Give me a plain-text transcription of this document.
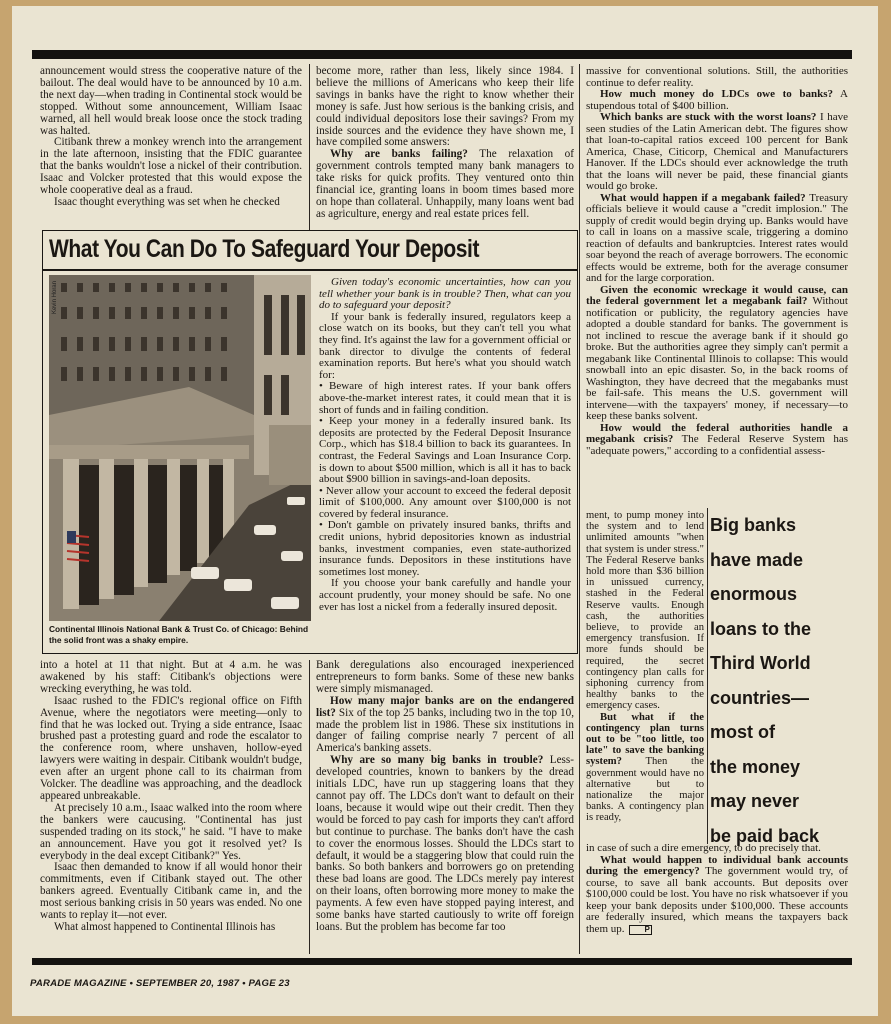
announcement would stress the cooperative nature of the bailout. The deal would have to be announced by 10 a.m. the next day—when trading in Continental stock would be stopped. Without some announcement, William Isaac warned, all hell would break loose once the stock trading was halted.

Citibank threw a monkey wrench into the arrangement in the late afternoon, insisting that the FDIC guarantee that the banks wouldn't lose a nickel of their contribution. Isaac and Volcker protested that this would expose the whole cooperative deal as a fraud.

Isaac thought everything was set when he checked

become more, rather than less, likely since 1984. I believe the millions of Americans who keep their life savings in banks have the right to know whether their money is safe. Just how serious is the banking crisis, and could individual depositors lose their savings? From my inside sources and the evidence they have shown me, I have compiled some answers:

Why are banks failing? The relaxation of government controls tempted many bank managers to take risks for quick profits. They ventured onto thin financial ice, granting loans in boom times based more on hope than collateral. Unhappily, many loans went bad as agriculture, energy and real estate prices fell.

What You Can Do To Safeguard Your Deposit
Kevin Horan
Continental Illinois National Bank & Trust Co. of Chicago: Behind the solid front was a shaky empire.

Given today's economic uncertainties, how can you tell whether your bank is in trouble? Then, what can you do to safeguard your deposit?

If your bank is federally insured, regulators keep a close watch on its books, but they can't tell you what they find. It's against the law for a government official or bank director to divulge the contents of federal examination reports. But here's what you should watch for:

• Beware of high interest rates. If your bank offers above-the-market interest rates, it could mean that it is short of funds and in failing condition.

• Keep your money in a federally insured bank. Its deposits are protected by the Federal Deposit Insurance Corp., which has $18.4 billion to back its guarantees. In contrast, the Federal Savings and Loan Insurance Corp. is down to about $500 million, which is all it has to back about $900 billion in savings-and-loan deposits.

• Never allow your account to exceed the federal deposit limit of $100,000. Any amount over $100,000 is not covered by federal insurance.

• Don't gamble on privately insured banks, thrifts and credit unions, hybrid depositories known as industrial banks, investment companies, even state-authorized insurance funds. Depositors in these institutions have sometimes lost money.

If you choose your bank carefully and handle your account prudently, your money should be safe. No one ever has lost a nickel from a federally insured deposit.

massive for conventional solutions. Still, the authorities continue to defer reality.

How much money do LDCs owe to banks? A stupendous total of $400 billion.

Which banks are stuck with the worst loans? I have seen studies of the Latin American debt. The figures show that loan-to-capital ratios exceed 100 percent for Bank America, Chase, Citicorp, Chemical and Manufacturers Hanover. If the LDCs should ever acknowledge the truth that the loans will never be paid, these financial giants would go broke.

What would happen if a megabank failed? Treasury officials believe it would cause a "credit implosion." The supply of credit would begin drying up. Banks would have to call in loans on a massive scale, triggering a domino reaction of defaults and bankruptcies. Interest rates would soar beyond the reach of average borrowers. The economic effects would be extreme, both for the average consumer and for the large corporation.

Given the economic wreckage it would cause, can the federal government let a megabank fail? Without notification or publicity, the regulatory agencies have adopted a double standard for banks. The government is not inclined to rescue the average bank if it should go broke. But the authorities agree they simply can't permit a megabank like Continental Illinois to collapse: This would snowball into an epic disaster. So, in the back rooms of Washington, they have decreed that the megabanks must be fail-safe. This means the U.S. government will intervene—with the taxpayers' money, if necessary—to keep these banks solvent.

How would the federal authorities handle a megabank crisis? The Federal Reserve System has "adequate powers," according to a confidential assess-

ment, to pump money into the system and to lend unlimited amounts "when that system is under stress." The Federal Reserve banks hold more than $36 billion in unissued currency, stashed in the Federal Reserve vaults. Enough cash, the authorities believe, to provide an emergency transfusion. If more funds should be required, the secret contingency plan calls for siphoning currency from healthy banks to the emergency cases.

But what if the contingency plan turns out to be "too little, too late" to save the banking system? Then the government would have no alternative but to nationalize the major banks. A contingency plan is ready,

Big banks
have made
enormous
loans to the
Third World
countries—
most of
the money
may never
be paid back

in case of such a dire emergency, to do precisely that.

What would happen to individual bank accounts during the emergency? The government would try, of course, to save all bank accounts. But deposits over $100,000 could be lost. You have no risk whatsoever if you keep your bank deposits under $100,000. These accounts are federally insured, which means the taxpayers back them up.	P

into a hotel at 11 that night. But at 4 a.m. he was awakened by his staff: Citibank's objections were wrecking everything, he was told.

Isaac rushed to the FDIC's regional office on Fifth Avenue, where the negotiators were meeting—only to find that he was locked out. Trying a side entrance, Isaac brushed past a protesting guard and rode the escalator to the conference room, where unshaven, hollow-eyed lawyers were waiting in despair. Citibank wouldn't budge, even after an urgent phone call to its chairman from Volcker. The deadline was approaching, and the deadlock appeared unbreakable.

At precisely 10 a.m., Isaac walked into the room where the bankers were caucusing. "Continental has just suspended trading on its stock," he said. "I have to make an announcement. Have you got it resolved yet? Is everybody in the deal except Citibank?" Yes.

Isaac then demanded to know if all would honor their commitments, even if Citibank stayed out. The other bankers agreed. Eventually Citibank came in, and the most serious banking crisis in 50 years was ended. No one wants to replay it—not ever.

What almost happened to Continental Illinois has

Bank deregulations also encouraged inexperienced entrepreneurs to form banks. Some of these new banks were simply mismanaged.

How many major banks are on the endangered list? Six of the top 25 banks, including two in the top 10, made the problem list in 1986. These six institutions in danger of failing comprise nearly 7 percent of all America's banking assets.

Why are so many big banks in trouble? Less-developed countries, known to bankers by the dread initials LDC, have run up staggering loans that they cannot pay off. The LDCs don't want to default on their loans, because it would wipe out their credit. Then they would be forced to pay cash for imports they can't afford but continue to purchase. The banks don't have the cash to cover the enormous losses. Should the LDCs start to default, it would be a staggering blow that could ruin the banks. So both bankers and borrowers go on pretending these bad loans are good. The LDCs merely pay interest on their loans, often borrowing more money to make the payments. A few even have stopped paying interest, and some banks have started cautiously to write off foreign loans. But the problem has become far too

PARADE MAGAZINE • SEPTEMBER 20, 1987 • PAGE 23
